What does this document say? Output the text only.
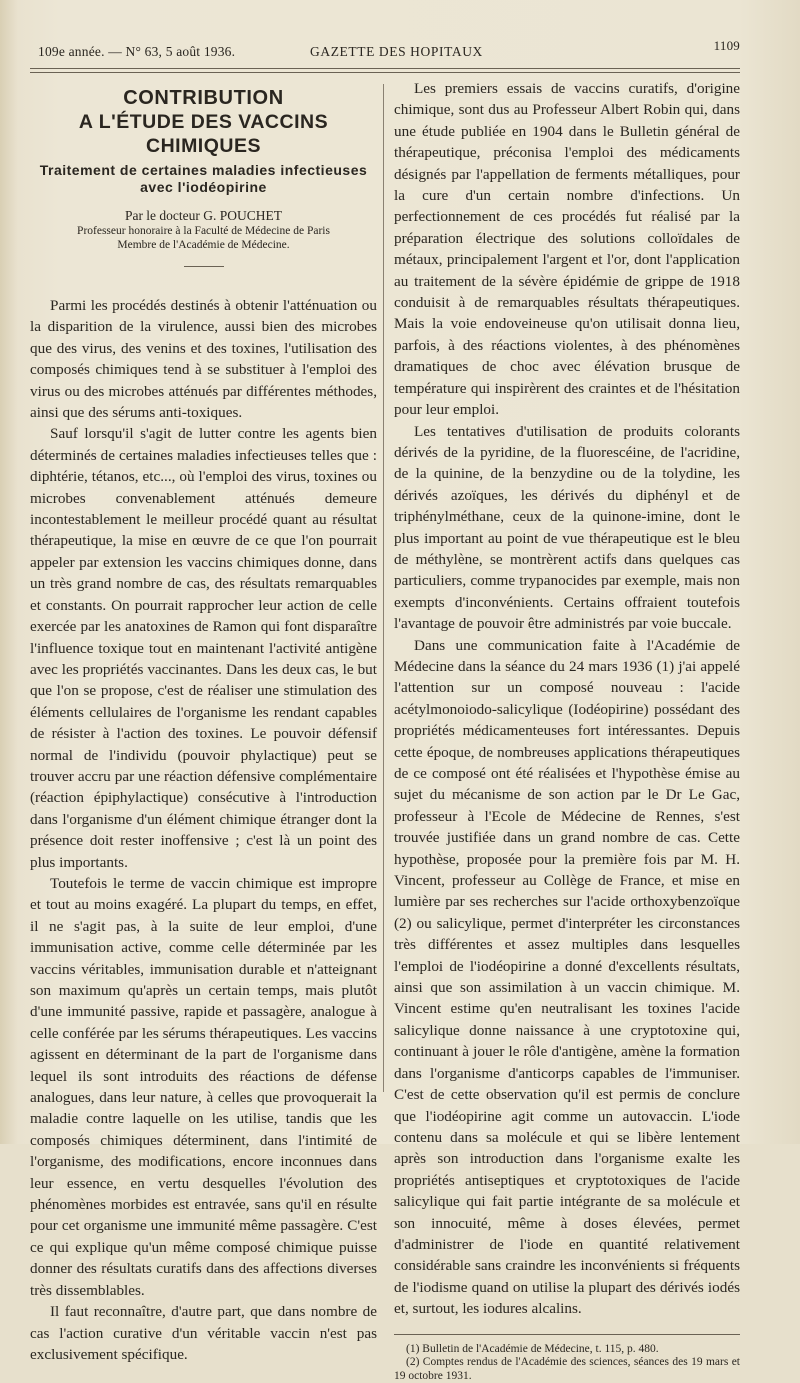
109e année. — N° 63, 5 août 1936.	GAZETTE DES HOPITAUX	1109
CONTRIBUTION
A L'ÉTUDE DES VACCINS CHIMIQUES
Traitement de certaines maladies infectieuses
avec l'iodéopirine
Par le docteur G. POUCHET
Professeur honoraire à la Faculté de Médecine de Paris
Membre de l'Académie de Médecine.

Parmi les procédés destinés à obtenir l'atténuation ou la disparition de la virulence, aussi bien des microbes que des virus, des venins et des toxines, l'utilisation des composés chimiques tend à se substituer à l'emploi des virus ou des microbes atténués par différentes méthodes, ainsi que des sérums anti-toxiques.

Sauf lorsqu'il s'agit de lutter contre les agents bien déterminés de certaines maladies infectieuses telles que : diphtérie, tétanos, etc..., où l'emploi des virus, toxines ou microbes convenablement atténués demeure incontestablement le meilleur procédé quant au résultat thérapeutique, la mise en œuvre de ce que l'on pourrait appeler par extension les vaccins chimiques donne, dans un très grand nombre de cas, des résultats remarquables et constants. On pourrait rapprocher leur action de celle exercée par les anatoxines de Ramon qui font disparaître l'influence toxique tout en maintenant l'activité antigène avec les propriétés vaccinantes. Dans les deux cas, le but que l'on se propose, c'est de réaliser une stimulation des éléments cellulaires de l'organisme les rendant capables de résister à l'action des toxines. Le pouvoir défensif normal de l'individu (pouvoir phylactique) peut se trouver accru par une réaction défensive complémentaire (réaction épiphylactique) consécutive à l'introduction dans l'organisme d'un élément chimique étranger dont la présence doit rester inoffensive ; c'est là un point des plus importants.

Toutefois le terme de vaccin chimique est impropre et tout au moins exagéré. La plupart du temps, en effet, il ne s'agit pas, à la suite de leur emploi, d'une immunisation active, comme celle déterminée par les vaccins véritables, immunisation durable et n'atteignant son maximum qu'après un certain temps, mais plutôt d'une immunité passive, rapide et passagère, analogue à celle conférée par les sérums thérapeutiques. Les vaccins agissent en déterminant de la part de l'organisme dans lequel ils sont introduits des réactions de défense analogues, dans leur nature, à celles que provoquerait la maladie contre laquelle on les utilise, tandis que les composés chimiques déterminent, dans l'intimité de l'organisme, des modifications, encore inconnues dans leur essence, en vertu desquelles l'évolution des phénomènes morbides est entravée, sans qu'il en résulte pour cet organisme une immunité même passagère. C'est ce qui explique qu'un même composé chimique puisse donner des résultats curatifs dans des affections diverses très dissemblables.

Il faut reconnaître, d'autre part, que dans nombre de cas l'action curative d'un véritable vaccin n'est pas exclusivement spécifique.

Les premiers essais de vaccins curatifs, d'origine chimique, sont dus au Professeur Albert Robin qui, dans une étude publiée en 1904 dans le Bulletin général de thérapeutique, préconisa l'emploi des médicaments désignés par l'appellation de ferments métalliques, pour la cure d'un certain nombre d'infections. Un perfectionnement de ces procédés fut réalisé par la préparation électrique des solutions colloïdales de métaux, principalement l'argent et l'or, dont l'application au traitement de la sévère épidémie de grippe de 1918 conduisit à de remarquables résultats thérapeutiques. Mais la voie endoveineuse qu'on utilisait donna lieu, parfois, à des réactions violentes, à des phénomènes dramatiques de choc avec élévation brusque de température qui inspirèrent des craintes et de l'hésitation pour leur emploi.

Les tentatives d'utilisation de produits colorants dérivés de la pyridine, de la fluorescéine, de l'acridine, de la quinine, de la benzydine ou de la tolydine, les dérivés azoïques, les dérivés du diphényl et de triphénylméthane, ceux de la quinone-imine, dont le plus important au point de vue thérapeutique est le bleu de méthylène, se montrèrent actifs dans quelques cas particuliers, comme trypanocides par exemple, mais non exempts d'inconvénients. Certains offraient toutefois l'avantage de pouvoir être administrés par voie buccale.

Dans une communication faite à l'Académie de Médecine dans la séance du 24 mars 1936 (1) j'ai appelé l'attention sur un composé nouveau : l'acide acétylmonoiodo-salicylique (Iodéopirine) possédant des propriétés médicamenteuses fort intéressantes. Depuis cette époque, de nombreuses applications thérapeutiques de ce composé ont été réalisées et l'hypothèse émise au sujet du mécanisme de son action par le Dr Le Gac, professeur à l'Ecole de Médecine de Rennes, s'est trouvée justifiée dans un grand nombre de cas. Cette hypothèse, proposée pour la première fois par M. H. Vincent, professeur au Collège de France, et mise en lumière par ses recherches sur l'acide orthoxybenzoïque (2) ou salicylique, permet d'interpréter les circonstances très différentes et assez multiples dans lesquelles l'emploi de l'iodéopirine a donné d'excellents résultats, ainsi que son assimilation à un vaccin chimique. M. Vincent estime qu'en neutralisant les toxines l'acide salicylique donne naissance à une cryptotoxine qui, continuant à jouer le rôle d'antigène, amène la formation dans l'organisme d'anticorps capables de l'immuniser. C'est de cette observation qu'il est permis de conclure que l'iodéopirine agit comme un autovaccin. L'iode contenu dans sa molécule et qui se libère lentement après son introduction dans l'organisme exalte les propriétés antiseptiques et cryptotoxiques de l'acide salicylique qui fait partie intégrante de sa molécule et son innocuité, même à doses élevées, permet d'administrer de l'iode en quantité relativement considérable sans craindre les inconvénients si fréquents de l'iodisme quand on utilise la plupart des dérivés iodés et, surtout, les iodures alcalins.

(1) Bulletin de l'Académie de Médecine, t. 115, p. 480.

(2) Comptes rendus de l'Académie des sciences, séances des 19 mars et 19 octobre 1931.
